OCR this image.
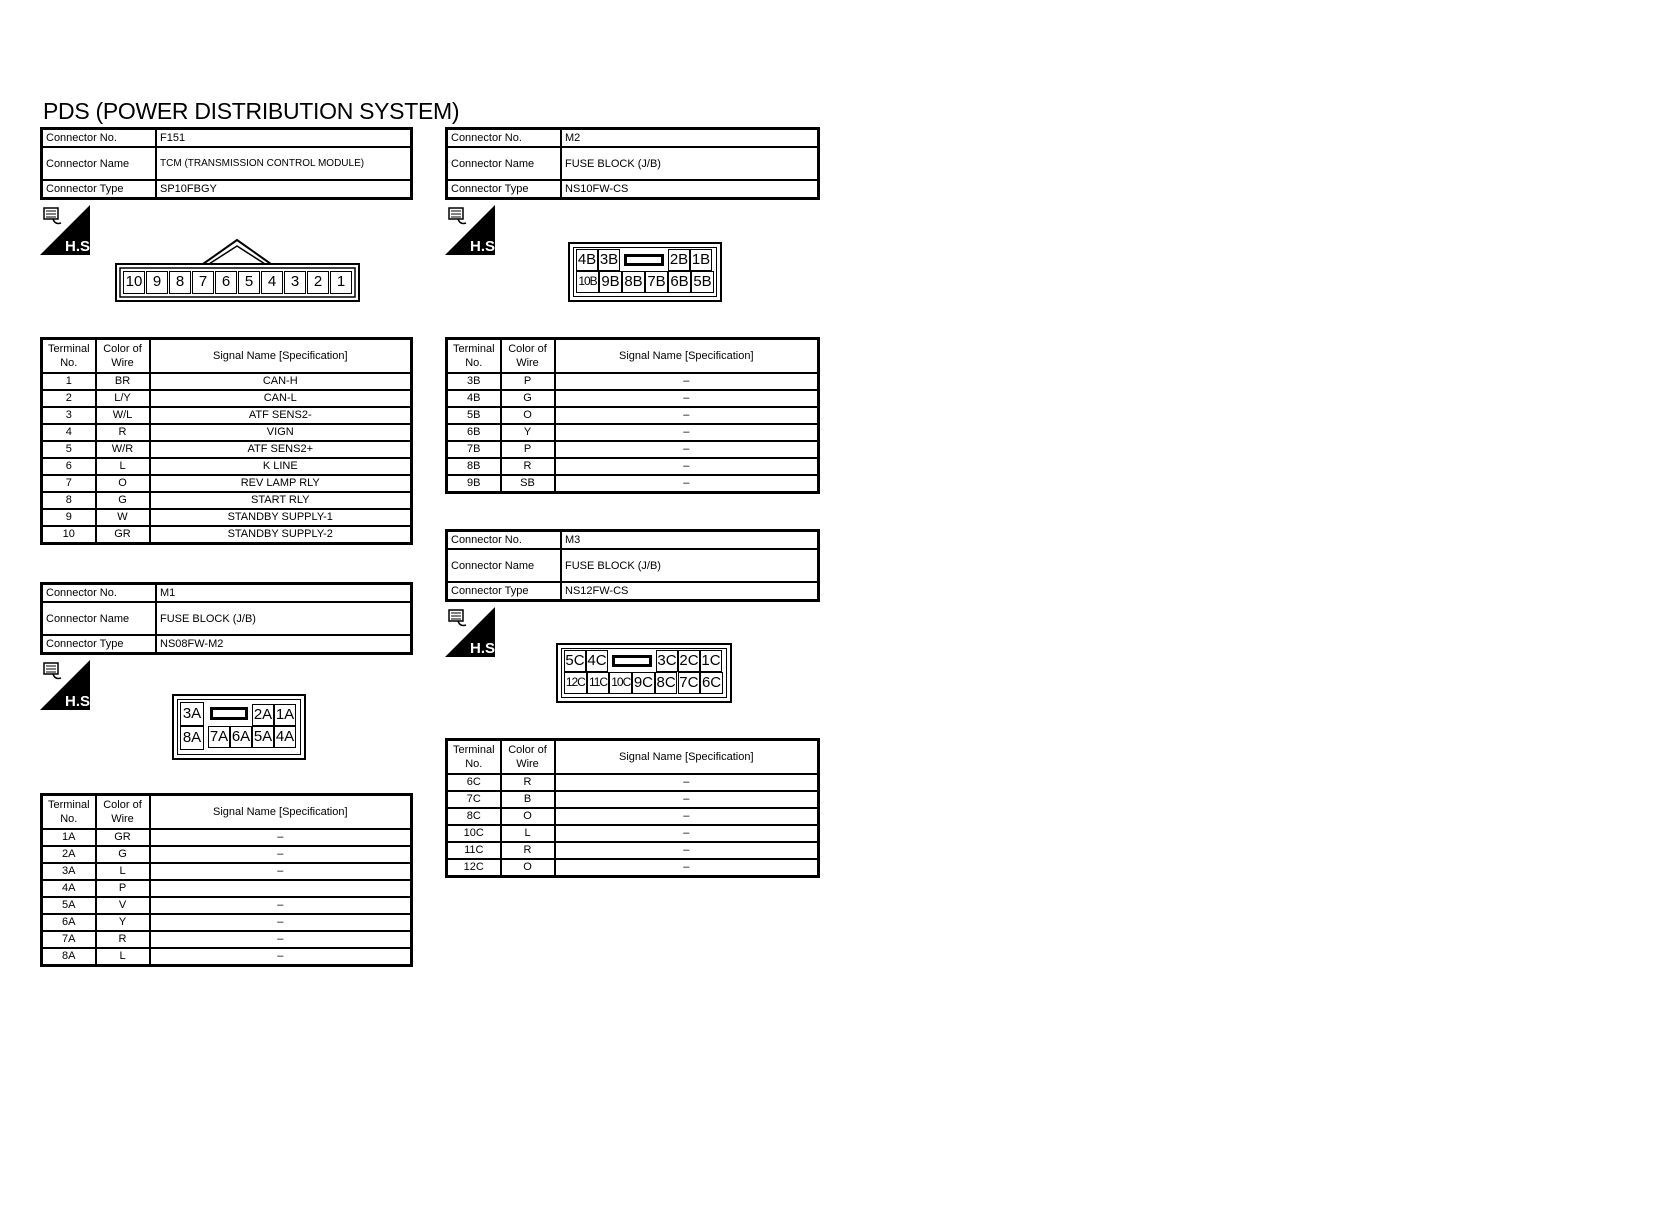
PDS (POWER DISTRIBUTION SYSTEM)
Connector No.	F151
Connector Name	TCM (TRANSMISSION CONTROL MODULE)
Connector Type	SP10FBGY
H.S.
10 9 8 7 6 5 4 3 2 1
Terminal No.	Color of Wire	Signal Name [Specification]
1	BR	CAN-H
2	L/Y	CAN-L
3	W/L	ATF SENS2-
4	R	VIGN
5	W/R	ATF SENS2+
6	L	K LINE
7	O	REV LAMP RLY
8	G	START RLY
9	W	STANDBY SUPPLY-1
10	GR	STANDBY SUPPLY-2
Connector No.	M1
Connector Name	FUSE BLOCK (J/B)
Connector Type	NS08FW-M2
H.S.
3A	2A 1A
8A 7A 6A 5A 4A
Terminal No.	Color of Wire	Signal Name [Specification]
1A	GR	–
2A	G	–
3A	L	–
4A	P	
5A	V	–
6A	Y	–
7A	R	–
8A	L	–
Connector No.	M2
Connector Name	FUSE BLOCK (J/B)
Connector Type	NS10FW-CS
H.S.
4B 3B	2B 1B
10B 9B 8B 7B 6B 5B
Terminal No.	Color of Wire	Signal Name [Specification]
3B	P	–
4B	G	–
5B	O	–
6B	Y	–
7B	P	–
8B	R	–
9B	SB	–
Connector No.	M3
Connector Name	FUSE BLOCK (J/B)
Connector Type	NS12FW-CS
H.S.
5C 4C	3C 2C 1C
12C 11C 10C 9C 8C 7C 6C
Terminal No.	Color of Wire	Signal Name [Specification]
6C	R	–
7C	B	–
8C	O	–
10C	L	–
11C	R	–
12C	O	–
